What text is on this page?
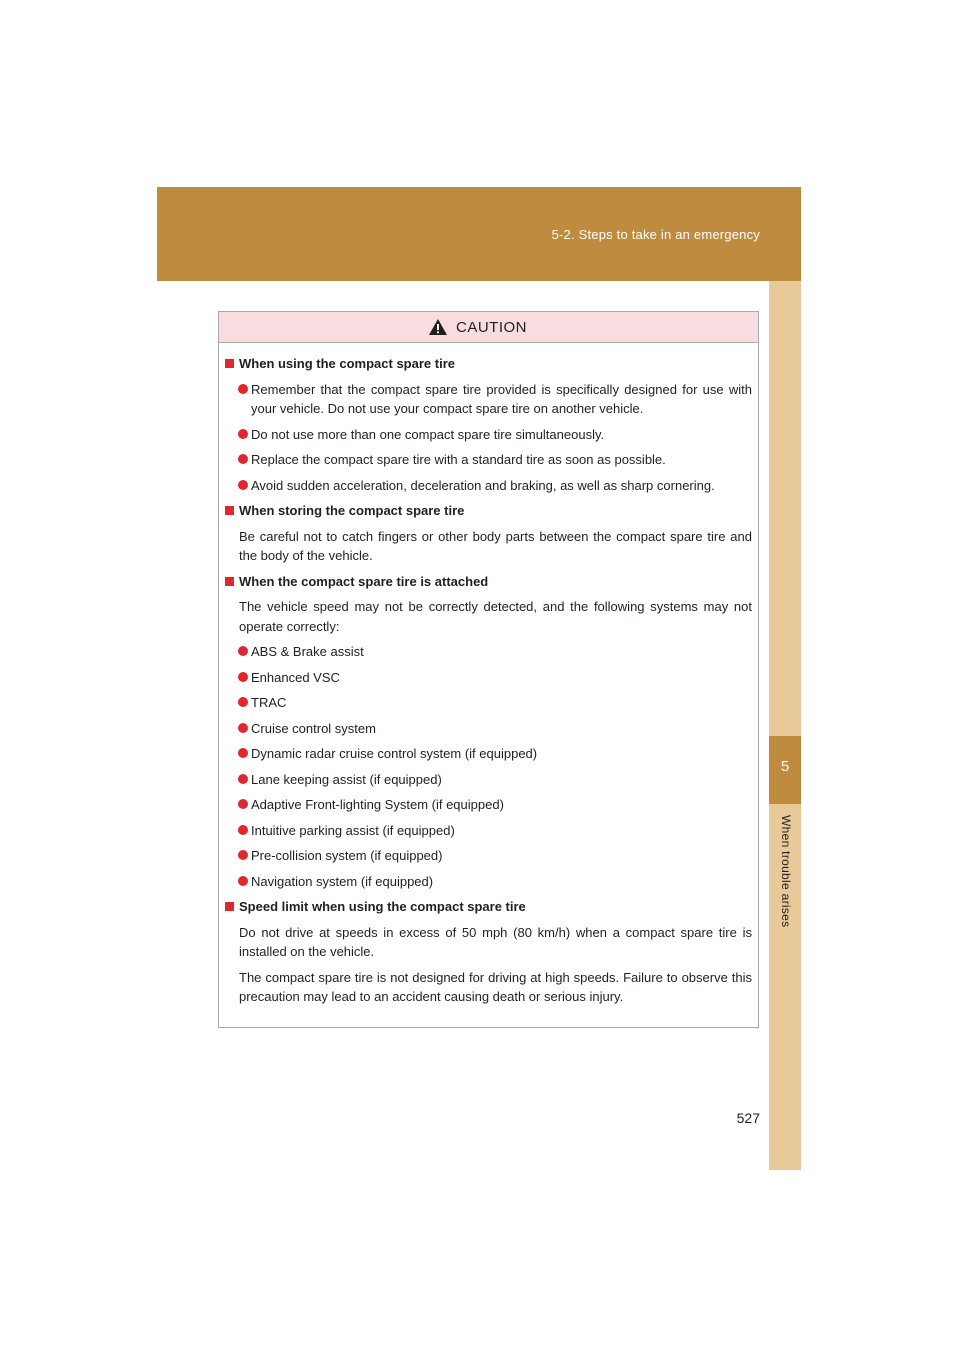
5-2. Steps to take in an emergency
5
When trouble arises
CAUTION
When using the compact spare tire
Remember that the compact spare tire provided is specifically designed for use with your vehicle. Do not use your compact spare tire on another vehicle.
Do not use more than one compact spare tire simultaneously.
Replace the compact spare tire with a standard tire as soon as possible.
Avoid sudden acceleration, deceleration and braking, as well as sharp cornering.
When storing the compact spare tire
Be careful not to catch fingers or other body parts between the compact spare tire and the body of the vehicle.
When the compact spare tire is attached
The vehicle speed may not be correctly detected, and the following systems may not operate correctly:
ABS & Brake assist
Enhanced VSC
TRAC
Cruise control system
Dynamic radar cruise control system (if equipped)
Lane keeping assist (if equipped)
Adaptive Front-lighting System (if equipped)
Intuitive parking assist (if equipped)
Pre-collision system (if equipped)
Navigation system (if equipped)
Speed limit when using the compact spare tire
Do not drive at speeds in excess of 50 mph (80 km/h) when a compact spare tire is installed on the vehicle.
The compact spare tire is not designed for driving at high speeds. Failure to observe this precaution may lead to an accident causing death or serious injury.
527
